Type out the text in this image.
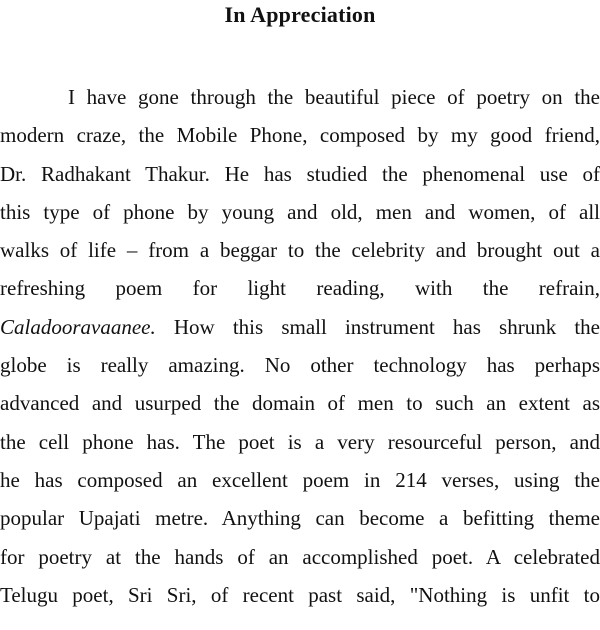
In Appreciation
I have gone through the beautiful piece of poetry on the
modern craze, the Mobile Phone, composed by my good friend,
Dr. Radhakant Thakur. He has studied the phenomenal use of
this type of phone by young and old, men and women, of all
walks of life – from a beggar to the celebrity and brought out a
refreshing poem for light reading, with the refrain,
Caladooravaanee. How this small instrument has shrunk the
globe is really amazing. No other technology has perhaps
advanced and usurped the domain of men to such an extent as
the cell phone has. The poet is a very resourceful person, and
he has composed an excellent poem in 214 verses, using the
popular Upajati metre. Anything can become a befitting theme
for poetry at the hands of an accomplished poet. A celebrated
Telugu poet, Sri Sri, of recent past said, "Nothing is unfit to
